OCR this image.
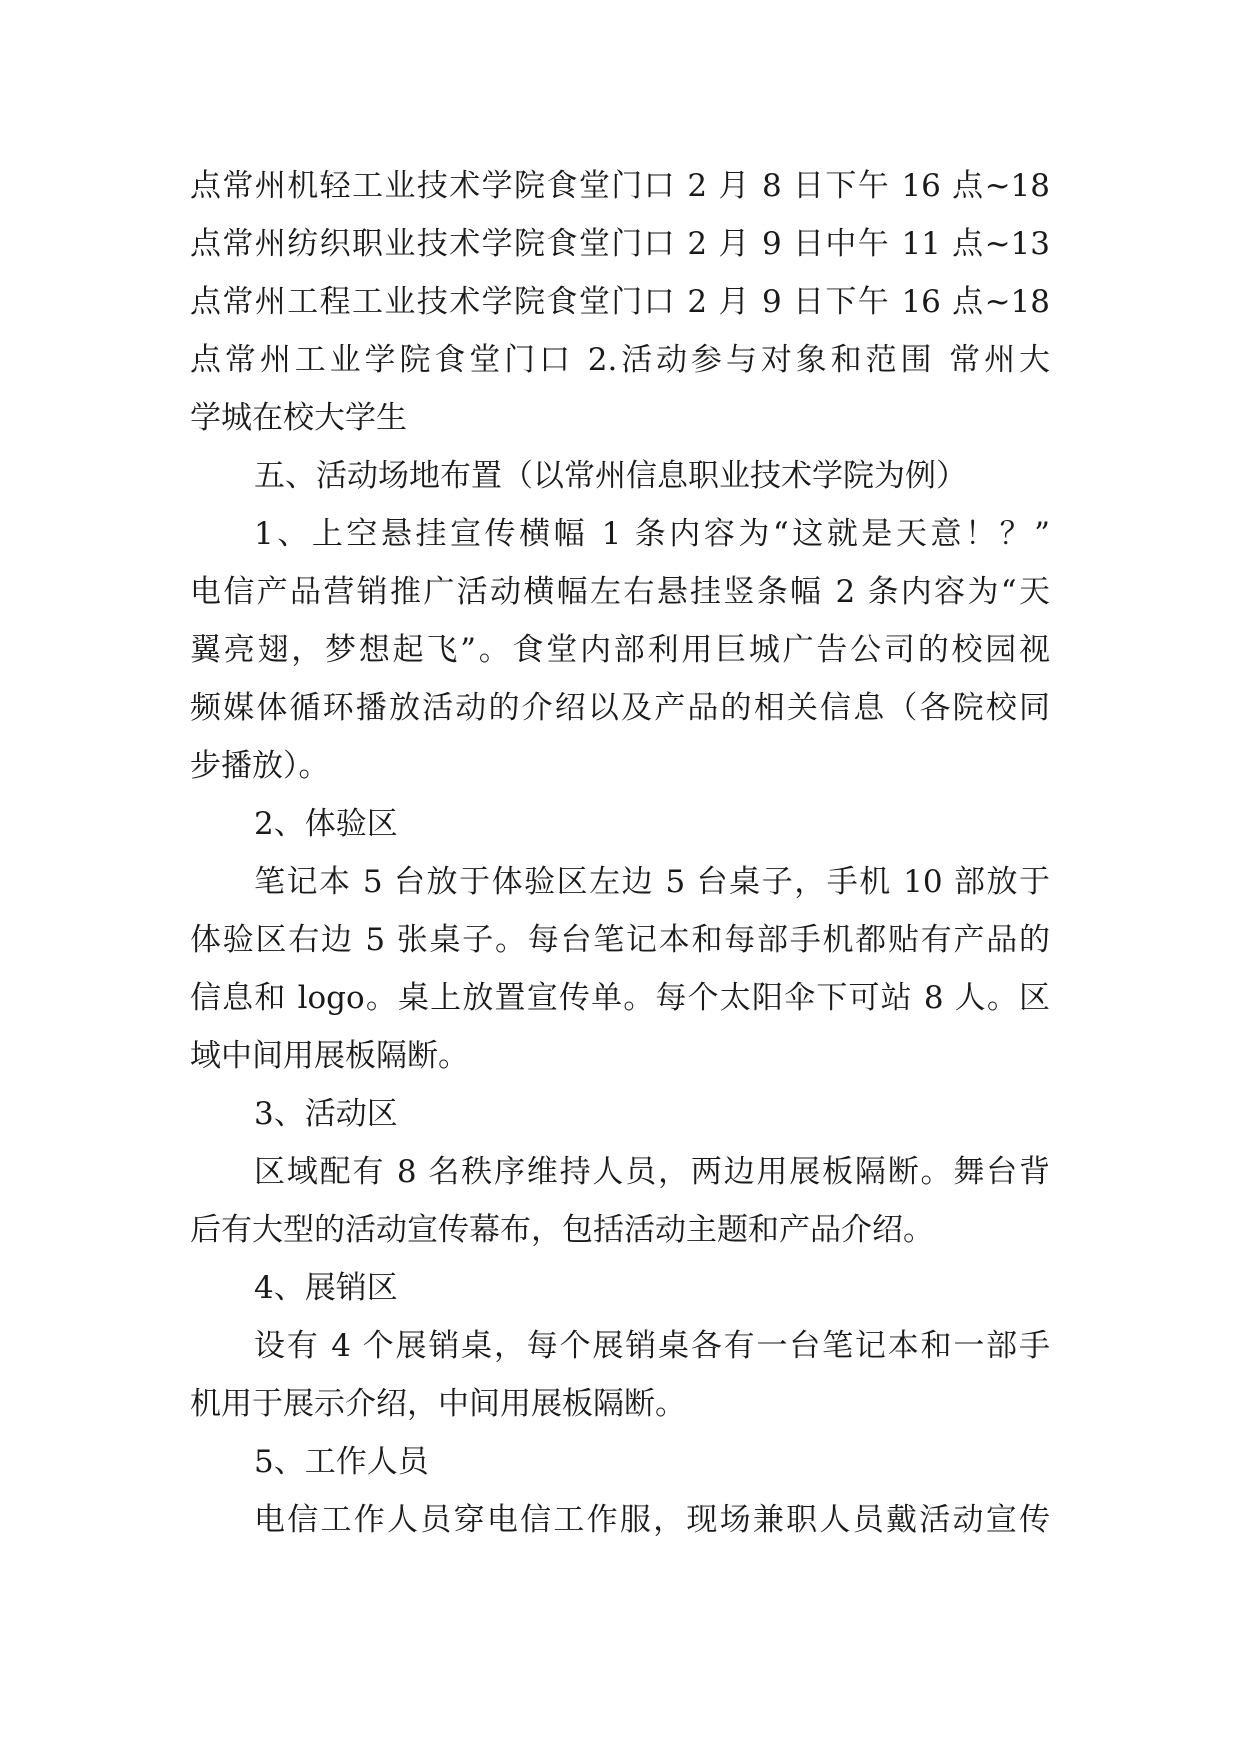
点常州机轻工业技术学院食堂门口 2 月 8 日下午 16 点~18
点常州纺织职业技术学院食堂门口 2 月 9 日中午 11 点~13
点常州工程工业技术学院食堂门口 2 月 9 日下午 16 点~18
点常州工业学院食堂门口 2.活动参与对象和范围 常州大
学城在校大学生
五、活动场地布置（以常州信息职业技术学院为例）
1、上空悬挂宣传横幅 1 条内容为“这就是天意！？”
电信产品营销推广活动横幅左右悬挂竖条幅 2 条内容为“天
翼亮翅，梦想起飞”。食堂内部利用巨城广告公司的校园视
频媒体循环播放活动的介绍以及产品的相关信息（各院校同
步播放）。
2、体验区
笔记本 5 台放于体验区左边 5 台桌子，手机 10 部放于
体验区右边 5 张桌子。每台笔记本和每部手机都贴有产品的
信息和 logo。桌上放置宣传单。每个太阳伞下可站 8 人。区
域中间用展板隔断。
3、活动区
区域配有 8 名秩序维持人员，两边用展板隔断。舞台背
后有大型的活动宣传幕布，包括活动主题和产品介绍。
4、展销区
设有 4 个展销桌，每个展销桌各有一台笔记本和一部手
机用于展示介绍，中间用展板隔断。
5、工作人员
电信工作人员穿电信工作服，现场兼职人员戴活动宣传
